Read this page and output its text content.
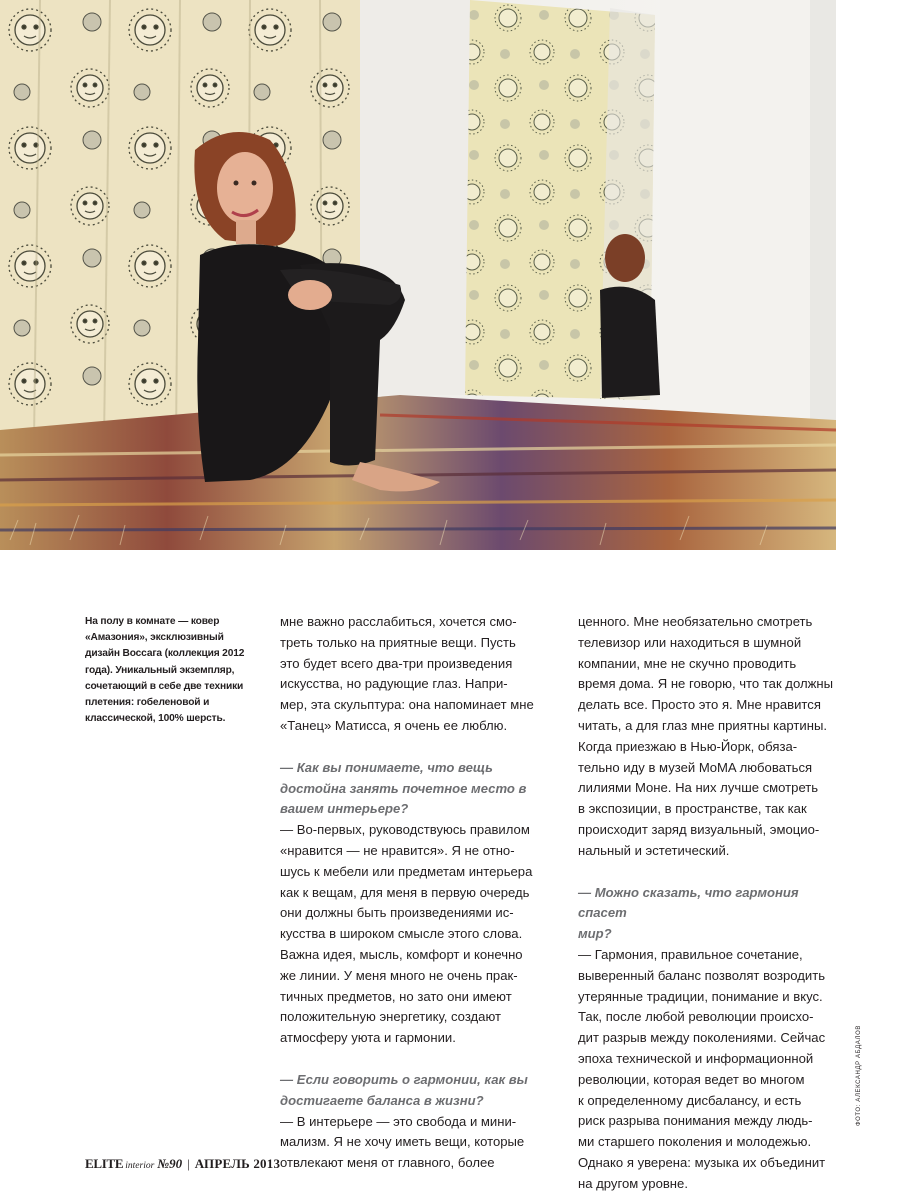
На полу в комнате — ковер
«Амазония», эксклюзивный
дизайн Воссага (коллекция 2012
года). Уникальный экземпляр,
сочетающий в себе две техники
плетения: гобеленовой и
классической, 100% шерсть.

мне важно расслабиться, хочется смо-
треть только на приятные вещи. Пусть
это будет всего два-три произведения
искусства, но радующие глаз. Напри-
мер, эта скульптура: она напоминает мне
«Танец» Матисса, я очень ее люблю.

— Как вы понимаете, что вещь
достойна занять почетное место в
вашем интерьере?

— Во-первых, руководствуюсь правилом
«нравится — не нравится». Я не отно-
шусь к мебели или предметам интерьера
как к вещам, для меня в первую очередь
они должны быть произведениями ис-
кусства в широком смысле этого слова.
Важна идея, мысль, комфорт и конечно
же линии. У меня много не очень прак-
тичных предметов, но зато они имеют
положительную энергетику, создают
атмосферу уюта и гармонии.

— Если говорить о гармонии, как вы
достигаете баланса в жизни?

— В интерьере — это свобода и мини-
мализм. Я не хочу иметь вещи, которые
отвлекают меня от главного, более

ценного. Мне необязательно смотреть
телевизор или находиться в шумной
компании, мне не скучно проводить
время дома. Я не говорю, что так должны
делать все. Просто это я. Мне нравится
читать, а для глаз мне приятны картины.
Когда приезжаю в Нью-Йорк, обяза-
тельно иду в музей MoMA любоваться
лилиями Моне. На них лучше смотреть
в экспозиции, в пространстве, так как
происходит заряд визуальный, эмоцио-
нальный и эстетический.

— Можно сказать, что гармония спасет
мир?

— Гармония, правильное сочетание,
выверенный баланс позволят возродить
утерянные традиции, понимание и вкус.
Так, после любой революции происхо-
дит разрыв между поколениями. Сейчас
эпоха технической и информационной
революции, которая ведет во многом
к определенному дисбалансу, и есть
риск разрыва понимания между людь-
ми старшего поколения и молодежью.
Однако я уверена: музыка их объединит
на другом уровне.

ФОТО: АЛЕКСАНДР АБДАЛОВ
ELITE interior №90 | АПРЕЛЬ 2013
